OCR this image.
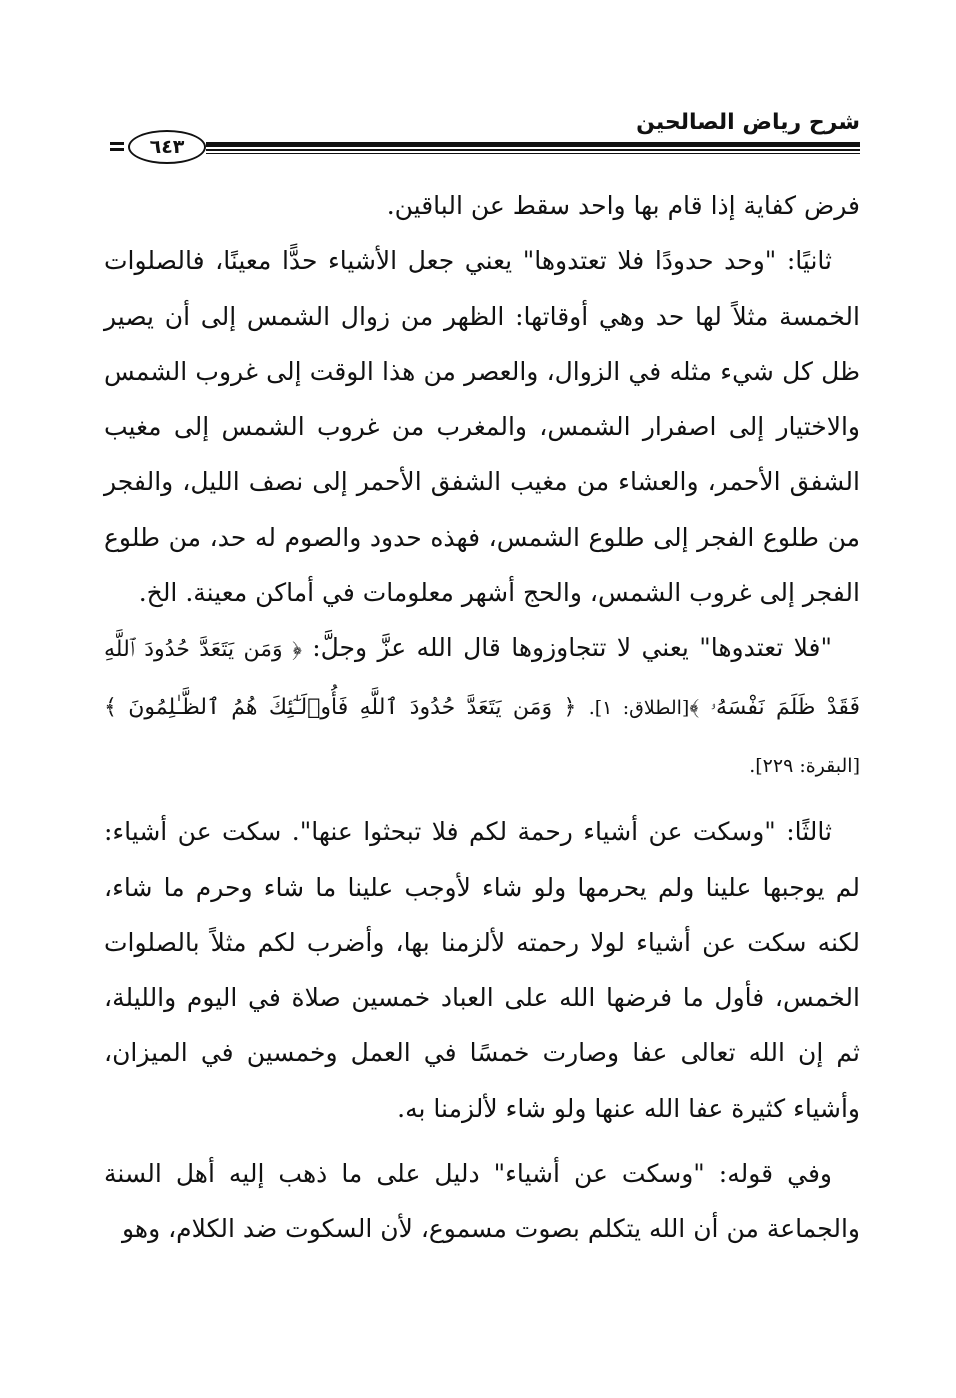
شرح رياض الصالحين
٦٤٣

فرض كفاية إذا قام بها واحد سقط عن الباقين.

ثانيًا: "وحد حدودًا فلا تعتدوها" يعني جعل الأشياء حدًّا معينًا، فالصلوات الخمسة مثلاً لها حد وهي أوقاتها: الظهر من زوال الشمس إلى أن يصير ظل كل شيء مثله في الزوال، والعصر من هذا الوقت إلى غروب الشمس والاختيار إلى اصفرار الشمس، والمغرب من غروب الشمس إلى مغيب الشفق الأحمر، والعشاء من مغيب الشفق الأحمر إلى نصف الليل، والفجر من طلوع الفجر إلى طلوع الشمس، فهذه حدود والصوم له حد، من طلوع الفجر إلى غروب الشمس، والحج أشهر معلومات في أماكن معينة. الخ.

"فلا تعتدوها" يعني لا تتجاوزوها قال الله عزَّ وجلَّ: ﴿ وَمَن يَتَعَدَّ حُدُودَ ٱللَّهِ فَقَدْ ظَلَمَ نَفْسَهُۥ ﴾[الطلاق: ١]. ﴿ وَمَن يَتَعَدَّ حُدُودَ ٱللَّهِ فَأُو۟لَـٰٓئِكَ هُمُ ٱلظَّـٰلِمُونَ ﴾[البقرة: ٢٢٩].

ثالثًا: "وسكت عن أشياء رحمة لكم فلا تبحثوا عنها". سكت عن أشياء: لم يوجبها علينا ولم يحرمها ولو شاء لأوجب علينا ما شاء وحرم ما شاء، لكنه سكت عن أشياء لولا رحمته لألزمنا بها، وأضرب لكم مثلاً بالصلوات الخمس، فأول ما فرضها الله على العباد خمسين صلاة في اليوم والليلة، ثم إن الله تعالى عفا وصارت خمسًا في العمل وخمسين في الميزان، وأشياء كثيرة عفا الله عنها ولو شاء لألزمنا به.

وفي قوله: "وسكت عن أشياء" دليل على ما ذهب إليه أهل السنة والجماعة من أن الله يتكلم بصوت مسموع، لأن السكوت ضد الكلام، وهو
